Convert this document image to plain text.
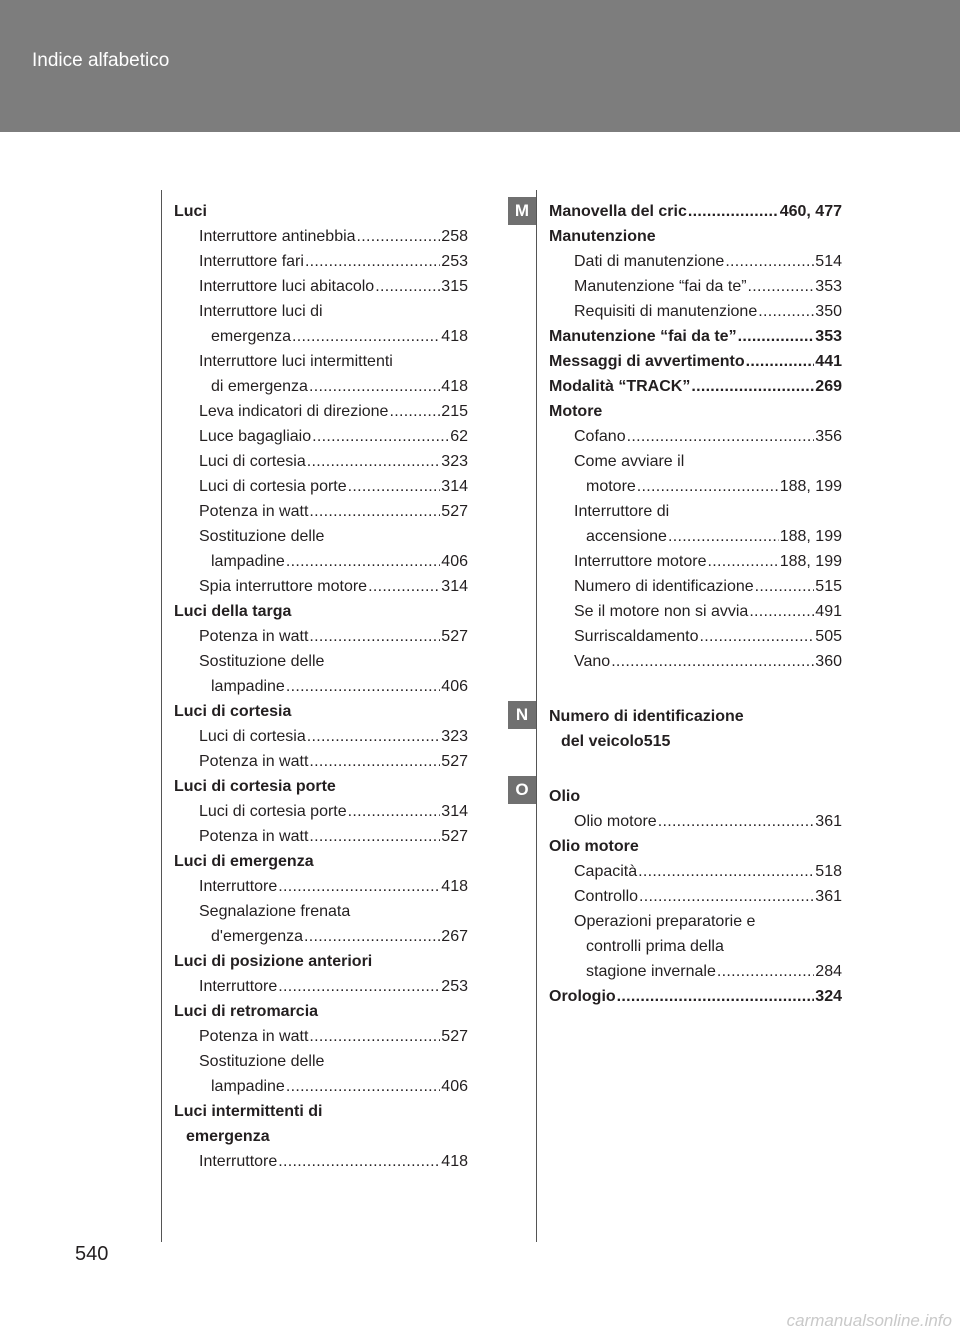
Indice alfabetico
Luci
Interruttore antinebbia .....	258
Interruttore fari .....	253
Interruttore luci abitacolo .....	315
Interruttore luci di
emergenza .....	418
Interruttore luci intermittenti
di emergenza .....	418
Leva indicatori di direzione .....	215
Luce bagagliaio .....	62
Luci di cortesia .....	323
Luci di cortesia porte .....	314
Potenza in watt .....	527
Sostituzione delle
lampadine .....	406
Spia interruttore motore .....	314
Luci della targa
Potenza in watt .....	527
Sostituzione delle
lampadine .....	406
Luci di cortesia
Luci di cortesia .....	323
Potenza in watt .....	527
Luci di cortesia porte
Luci di cortesia porte .....	314
Potenza in watt .....	527
Luci di emergenza
Interruttore .....	418
Segnalazione frenata
d'emergenza .....	267
Luci di posizione anteriori
Interruttore .....	253
Luci di retromarcia
Potenza in watt .....	527
Sostituzione delle
lampadine .....	406
Luci intermittenti di
emergenza
Interruttore .....	418
M
N
O
Manovella del cric .....	460, 477
Manutenzione
Dati di manutenzione .....	514
Manutenzione “fai da te” .....	353
Requisiti di manutenzione .....	350
Manutenzione “fai da te” .....	353
Messaggi di avvertimento .....	441
Modalità “TRACK” .....	269
Motore
Cofano .....	356
Come avviare il
motore .....	188, 199
Interruttore di
accensione .....	188, 199
Interruttore motore .....	188, 199
Numero di identificazione .....	515
Se il motore non si avvia .....	491
Surriscaldamento .....	505
Vano .....	360
Numero di identificazione
del veicolo515
Olio
Olio motore .....	361
Olio motore
Capacità .....	518
Controllo .....	361
Operazioni preparatorie e
controlli prima della
stagione invernale .....	284
Orologio .....	324
540
carmanualsonline.info
